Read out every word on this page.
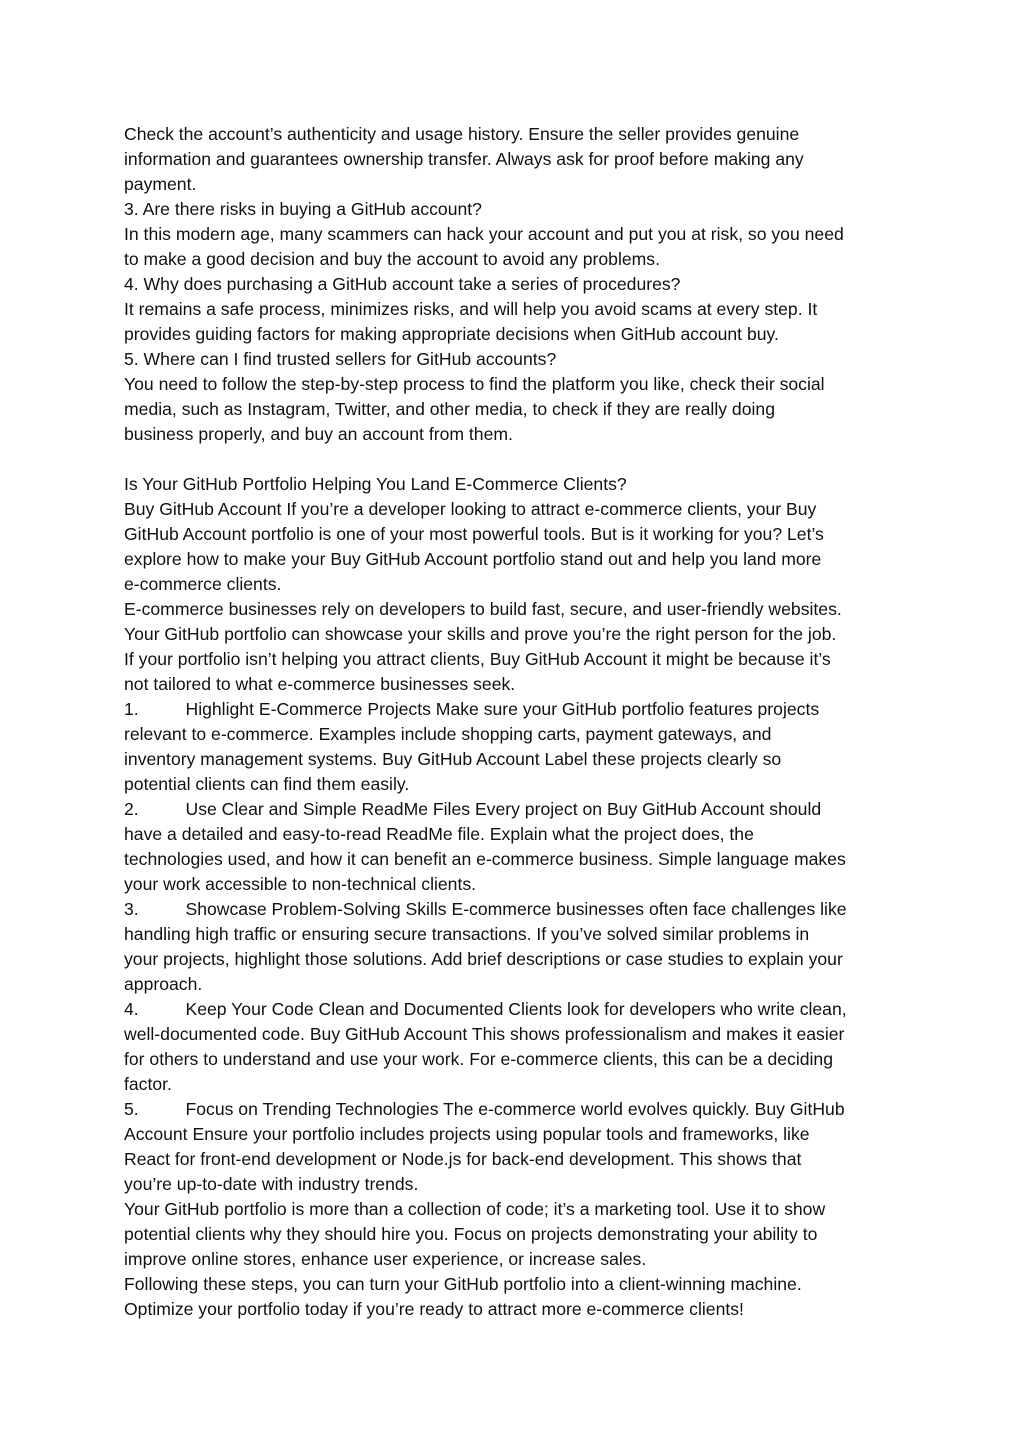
Check the account’s authenticity and usage history. Ensure the seller provides genuine

information and guarantees ownership transfer. Always ask for proof before making any

payment.

3. Are there risks in buying a GitHub account?

In this modern age, many scammers can hack your account and put you at risk, so you need

to make a good decision and buy the account to avoid any problems.

4. Why does purchasing a GitHub account take a series of procedures?

It remains a safe process, minimizes risks, and will help you avoid scams at every step. It

provides guiding factors for making appropriate decisions when GitHub account buy.

5. Where can I find trusted sellers for GitHub accounts?

You need to follow the step-by-step process to find the platform you like, check their social

media, such as Instagram, Twitter, and other media, to check if they are really doing

business properly, and buy an account from them.

Is Your GitHub Portfolio Helping You Land E-Commerce Clients?

Buy GitHub Account If you’re a developer looking to attract e-commerce clients, your Buy

GitHub Account portfolio is one of your most powerful tools. But is it working for you? Let’s

explore how to make your Buy GitHub Account portfolio stand out and help you land more

e-commerce clients.

E-commerce businesses rely on developers to build fast, secure, and user-friendly websites.

Your GitHub portfolio can showcase your skills and prove you’re the right person for the job.

If your portfolio isn’t helping you attract clients, Buy GitHub Account it might be because it’s

not tailored to what e-commerce businesses seek.

1.	Highlight E-Commerce Projects Make sure your GitHub portfolio features projects

relevant to e-commerce. Examples include shopping carts, payment gateways, and

inventory management systems. Buy GitHub Account Label these projects clearly so

potential clients can find them easily.

2.	Use Clear and Simple ReadMe Files Every project on Buy GitHub Account should

have a detailed and easy-to-read ReadMe file. Explain what the project does, the

technologies used, and how it can benefit an e-commerce business. Simple language makes

your work accessible to non-technical clients.

3.	Showcase Problem-Solving Skills E-commerce businesses often face challenges like

handling high traffic or ensuring secure transactions. If you’ve solved similar problems in

your projects, highlight those solutions. Add brief descriptions or case studies to explain your

approach.

4.	Keep Your Code Clean and Documented Clients look for developers who write clean,

well-documented code. Buy GitHub Account This shows professionalism and makes it easier

for others to understand and use your work. For e-commerce clients, this can be a deciding

factor.

5.	Focus on Trending Technologies The e-commerce world evolves quickly. Buy GitHub

Account Ensure your portfolio includes projects using popular tools and frameworks, like

React for front-end development or Node.js for back-end development. This shows that

you’re up-to-date with industry trends.

Your GitHub portfolio is more than a collection of code; it’s a marketing tool. Use it to show

potential clients why they should hire you. Focus on projects demonstrating your ability to

improve online stores, enhance user experience, or increase sales.

Following these steps, you can turn your GitHub portfolio into a client-winning machine.

Optimize your portfolio today if you’re ready to attract more e-commerce clients!
